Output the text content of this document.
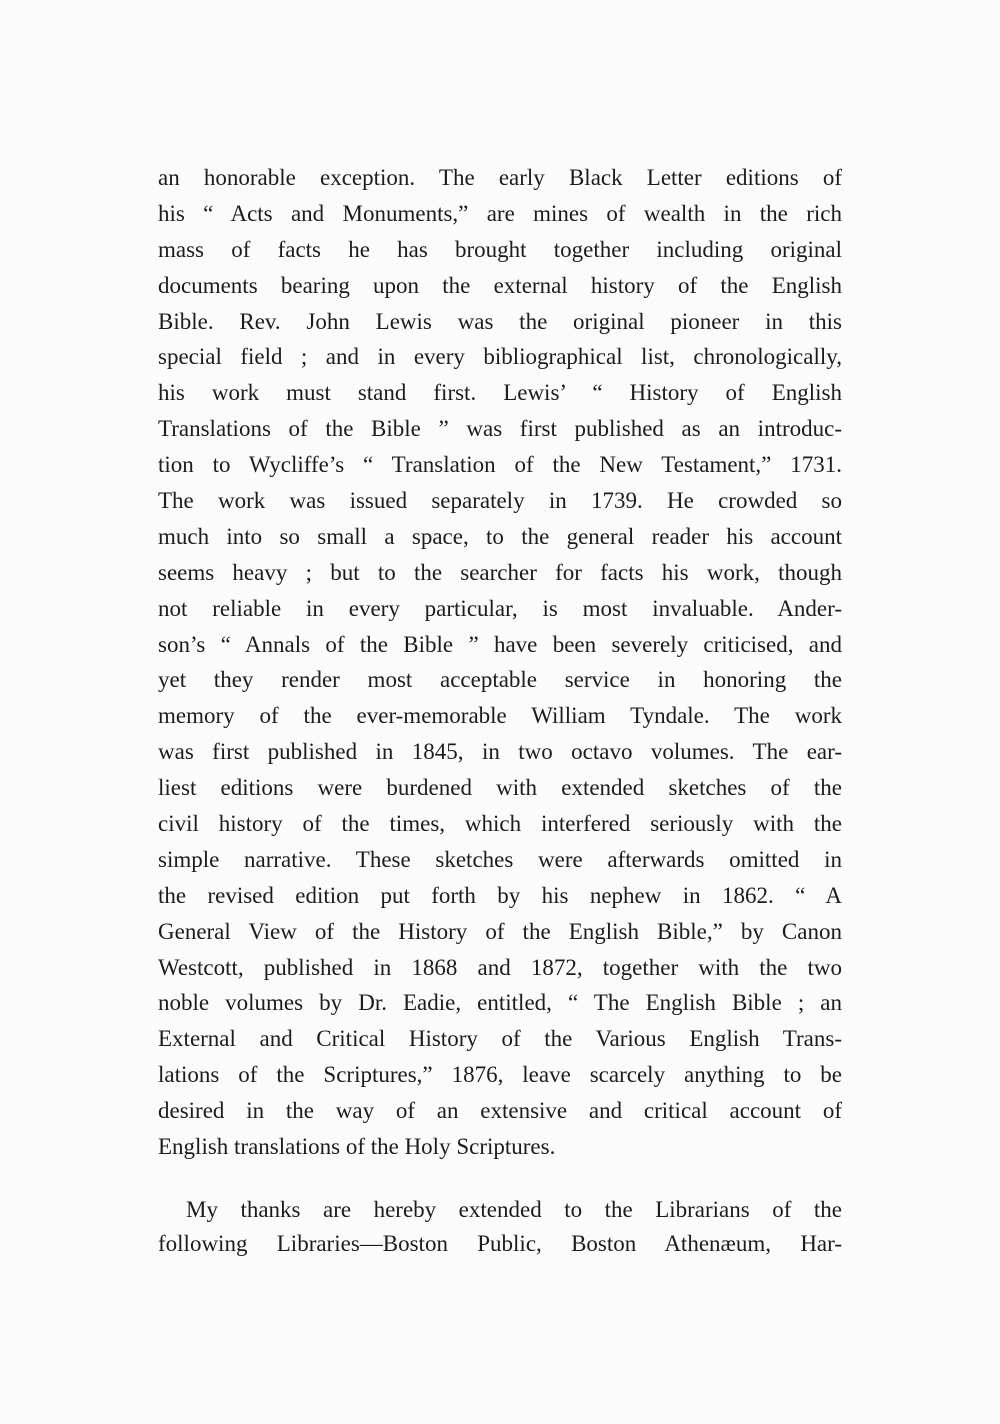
an honorable exception. The early Black Letter editions of
his “ Acts and Monuments,” are mines of wealth in the rich
mass of facts he has brought together including original
documents bearing upon the external history of the English
Bible. Rev. John Lewis was the original pioneer in this
special field ; and in every bibliographical list, chronologically,
his work must stand first. Lewis’ “ History of English
Translations of the Bible ” was first published as an introduc-
tion to Wycliffe’s “ Translation of the New Testament,” 1731.
The work was issued separately in 1739. He crowded so
much into so small a space, to the general reader his account
seems heavy ; but to the searcher for facts his work, though
not reliable in every particular, is most invaluable. Ander-
son’s “ Annals of the Bible ” have been severely criticised, and
yet they render most acceptable service in honoring the
memory of the ever-memorable William Tyndale. The work
was first published in 1845, in two octavo volumes. The ear-
liest editions were burdened with extended sketches of the
civil history of the times, which interfered seriously with the
simple narrative. These sketches were afterwards omitted in
the revised edition put forth by his nephew in 1862. “ A
General View of the History of the English Bible,” by Canon
Westcott, published in 1868 and 1872, together with the two
noble volumes by Dr. Eadie, entitled, “ The English Bible ; an
External and Critical History of the Various English Trans-
lations of the Scriptures,” 1876, leave scarcely anything to be
desired in the way of an extensive and critical account of
English translations of the Holy Scriptures.
My thanks are hereby extended to the Librarians of the
following Libraries—Boston Public, Boston Athenæum, Har-
